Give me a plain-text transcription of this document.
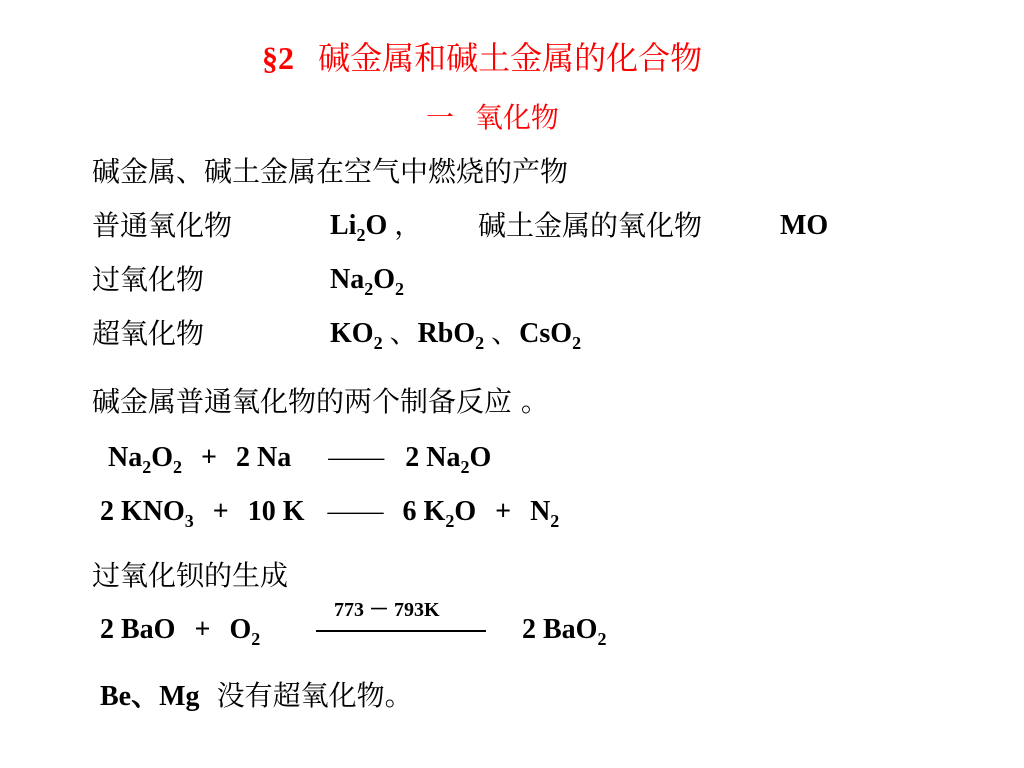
§2 碱金属和碱土金属的化合物
一 氧化物
碱金属、碱土金属在空气中燃烧的产物
普通氧化物	$Li_2O$ ， 碱土金属的氧化物	MO
过氧化物	$Na_2O_2$
超氧化物	$KO_2$ 、RbO$_2$ 、CsO$_2$
碱金属普通氧化物的两个制备反应 。
$Na_2O_2 + 2$ Na —— 2 $Na_2O$
2 $KNO_3 + 10$ K —— 6 $K_2O + N_2$
过氧化钡的生成
2 BaO + $O_2$
773 － 793K
2 BaO$_2$
Be、Mg 没有超氧化物。
